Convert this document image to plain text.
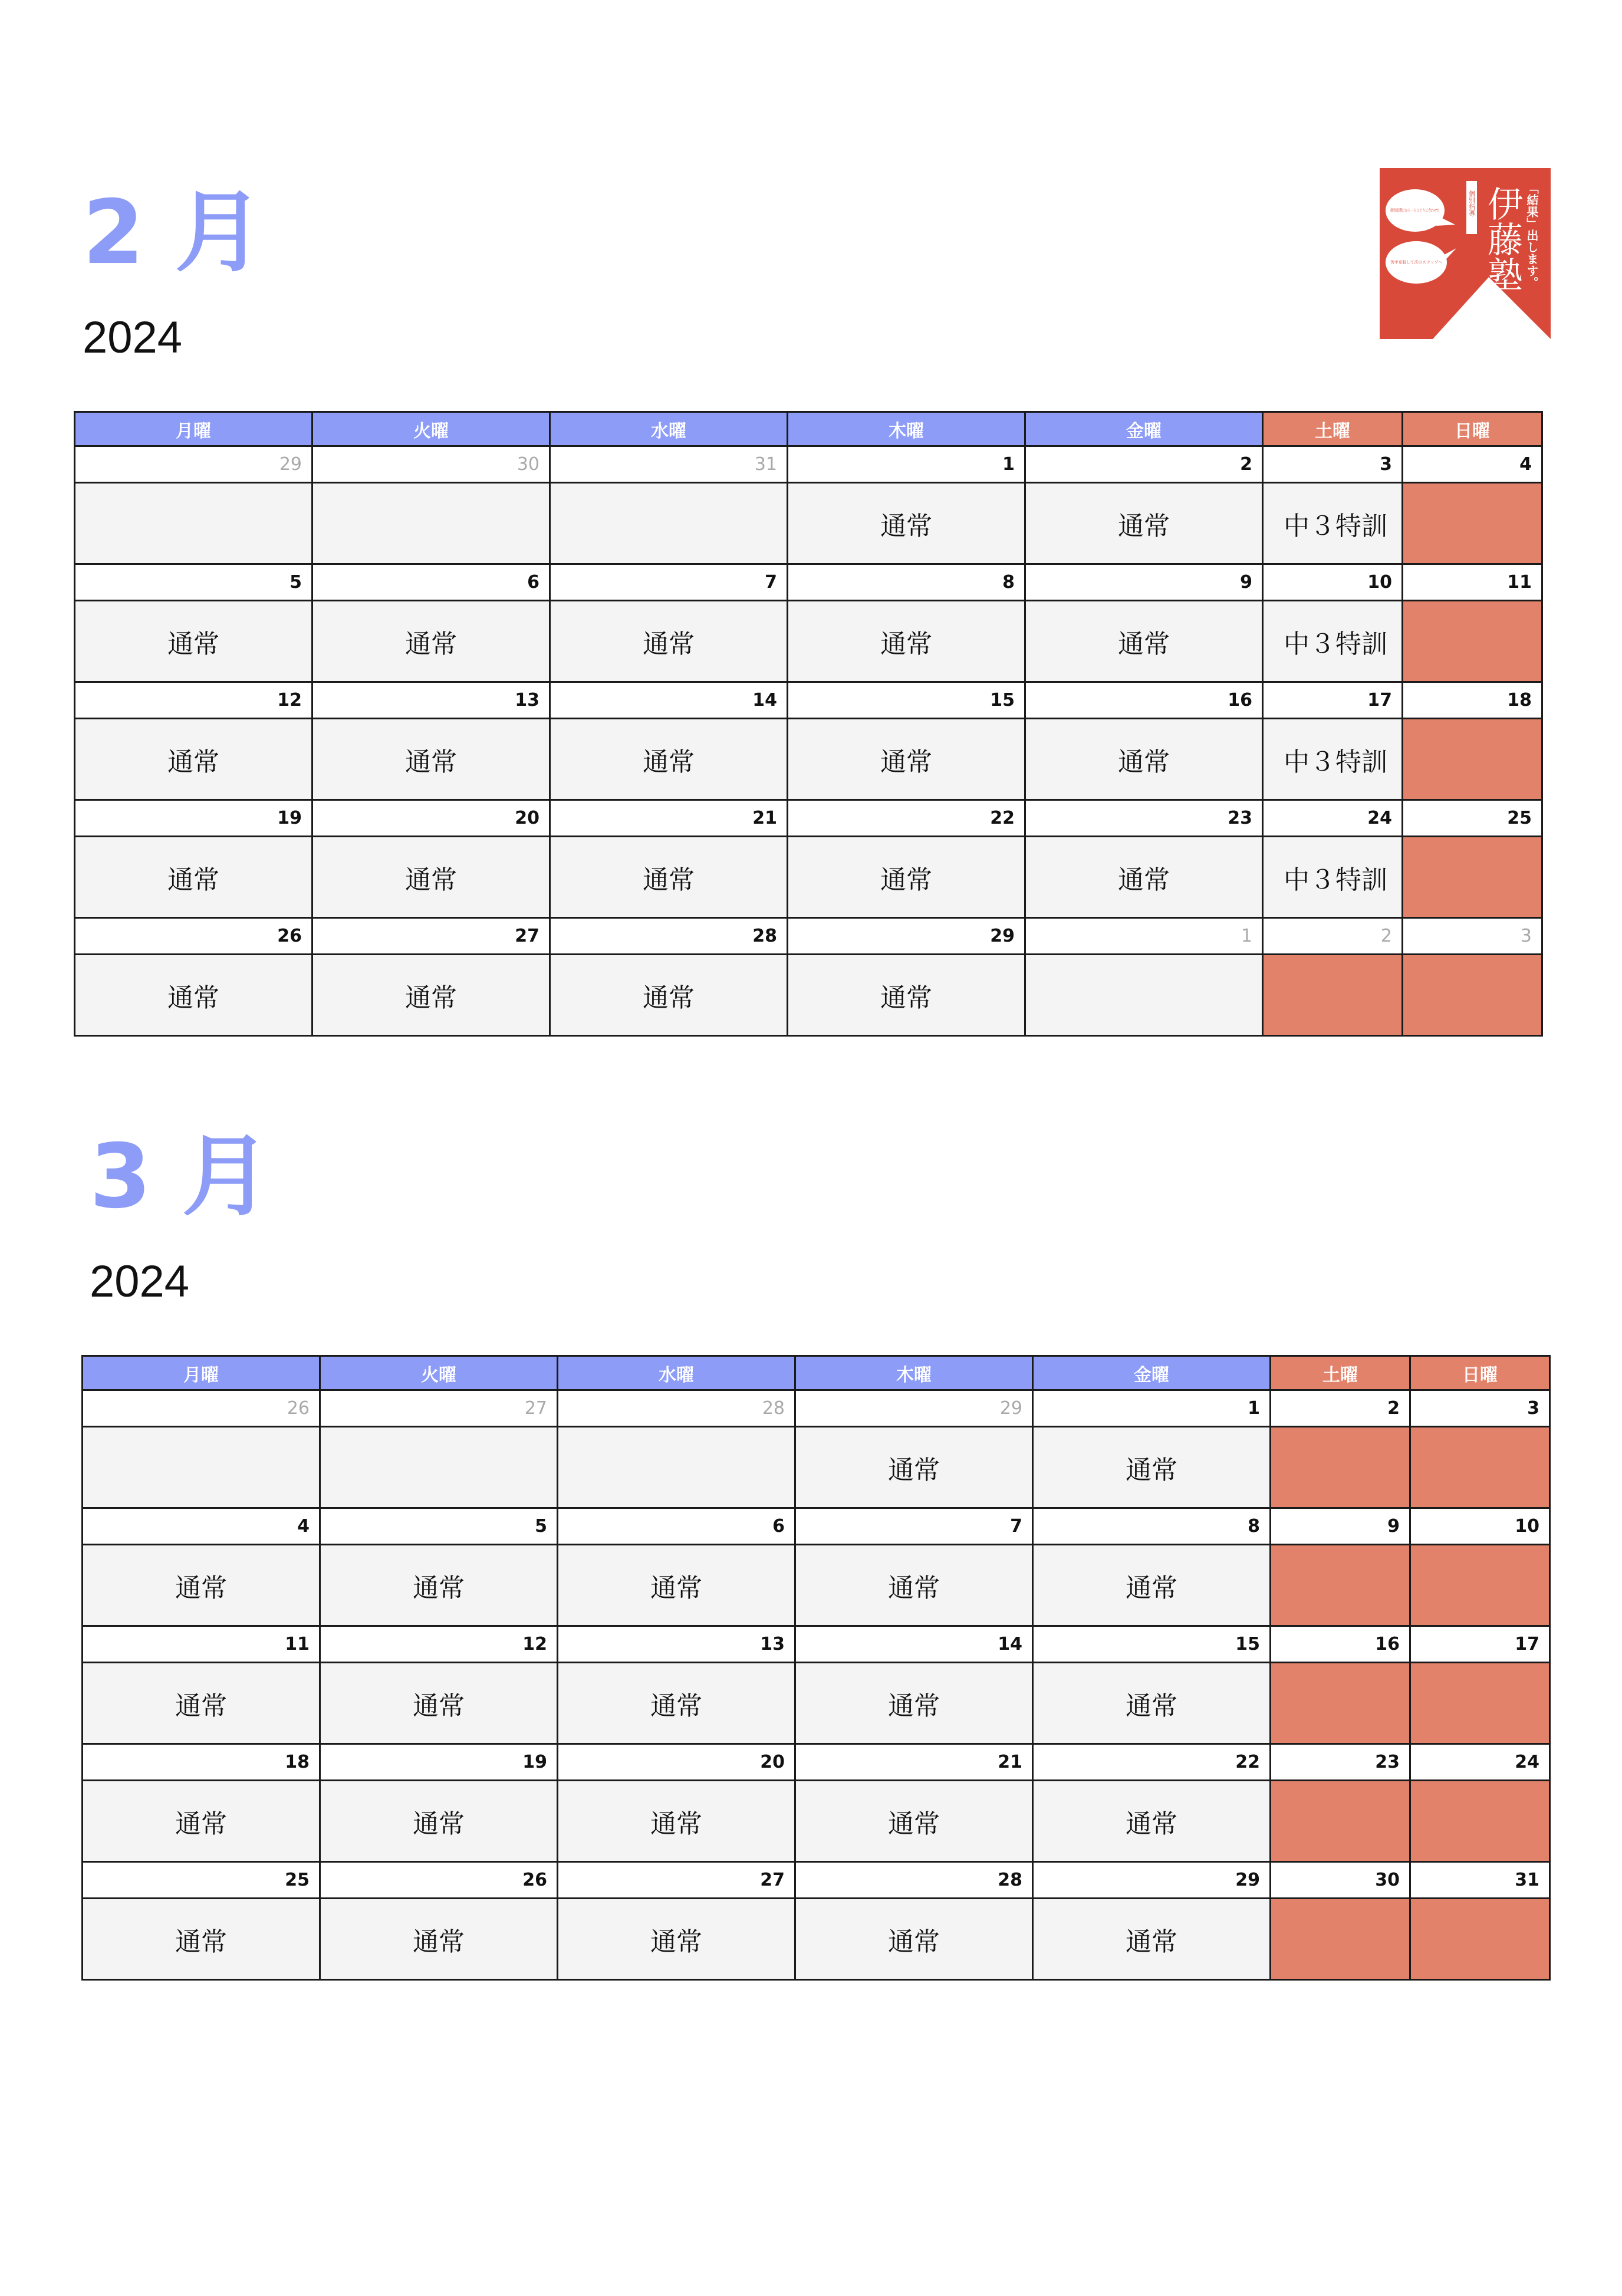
個別指導 伊藤塾 「結果」出します。
個別指導だから一人ひとりに合わせた
苦手克服して次のステップへ
2 月
2024
月曜	火曜	水曜	木曜	金曜	土曜	日曜
29	30	31	1	2	3	4
			通常	通常	中３特訓	
5	6	7	8	9	10	11
通常	通常	通常	通常	通常	中３特訓	
12	13	14	15	16	17	18
通常	通常	通常	通常	通常	中３特訓	
19	20	21	22	23	24	25
通常	通常	通常	通常	通常	中３特訓	
26	27	28	29	1	2	3
通常	通常	通常	通常			
3 月
2024
月曜	火曜	水曜	木曜	金曜	土曜	日曜
26	27	28	29	1	2	3
			通常	通常		
4	5	6	7	8	9	10
通常	通常	通常	通常	通常		
11	12	13	14	15	16	17
通常	通常	通常	通常	通常		
18	19	20	21	22	23	24
通常	通常	通常	通常	通常		
25	26	27	28	29	30	31
通常	通常	通常	通常	通常		
